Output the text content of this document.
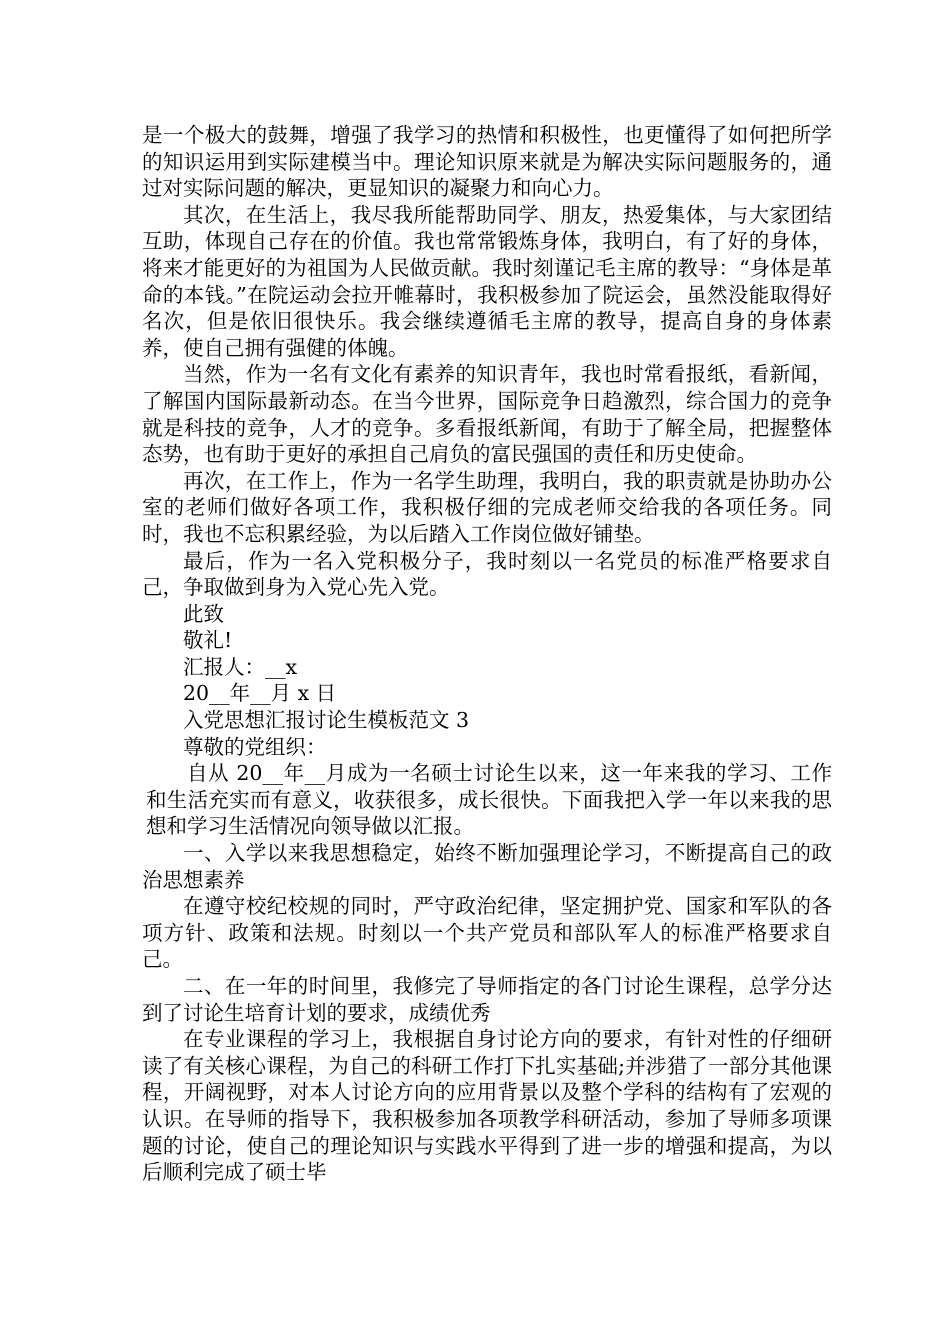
是一个极大的鼓舞，增强了我学习的热情和积极性，也更懂得了如何把所学的知识运用到实际建模当中。理论知识原来就是为解决实际问题服务的，通过对实际问题的解决，更显知识的凝聚力和向心力。

其次，在生活上，我尽我所能帮助同学、朋友，热爱集体，与大家团结互助，体现自己存在的价值。我也常常锻炼身体，我明白，有了好的身体，将来才能更好的为祖国为人民做贡献。我时刻谨记毛主席的教导：“身体是革命的本钱。”在院运动会拉开帷幕时，我积极参加了院运会，虽然没能取得好名次，但是依旧很快乐。我会继续遵循毛主席的教导，提高自身的身体素养，使自己拥有强健的体魄。

当然，作为一名有文化有素养的知识青年，我也时常看报纸，看新闻，了解国内国际最新动态。在当今世界，国际竞争日趋激烈，综合国力的竞争就是科技的竞争，人才的竞争。多看报纸新闻，有助于了解全局，把握整体态势，也有助于更好的承担自己肩负的富民强国的责任和历史使命。

再次，在工作上，作为一名学生助理，我明白，我的职责就是协助办公室的老师们做好各项工作，我积极仔细的完成老师交给我的各项任务。同时，我也不忘积累经验，为以后踏入工作岗位做好铺垫。

最后，作为一名入党积极分子，我时刻以一名党员的标准严格要求自己，争取做到身为入党心先入党。

此致

敬礼!

汇报人：__x

20__年__月 x 日

入党思想汇报讨论生模板范文 3

尊敬的党组织：

自从 20__年__月成为一名硕士讨论生以来，这一年来我的学习、工作和生活充实而有意义，收获很多，成长很快。下面我把入学一年以来我的思想和学习生活情况向领导做以汇报。

一、入学以来我思想稳定，始终不断加强理论学习，不断提高自己的政治思想素养

在遵守校纪校规的同时，严守政治纪律，坚定拥护党、国家和军队的各项方针、政策和法规。时刻以一个共产党员和部队军人的标准严格要求自己。

二、在一年的时间里，我修完了导师指定的各门讨论生课程，总学分达到了讨论生培育计划的要求，成绩优秀

在专业课程的学习上，我根据自身讨论方向的要求，有针对性的仔细研读了有关核心课程，为自己的科研工作打下扎实基础;并涉猎了一部分其他课程，开阔视野，对本人讨论方向的应用背景以及整个学科的结构有了宏观的认识。在导师的指导下，我积极参加各项教学科研活动，参加了导师多项课题的讨论，使自己的理论知识与实践水平得到了进一步的增强和提高，为以后顺利完成了硕士毕
